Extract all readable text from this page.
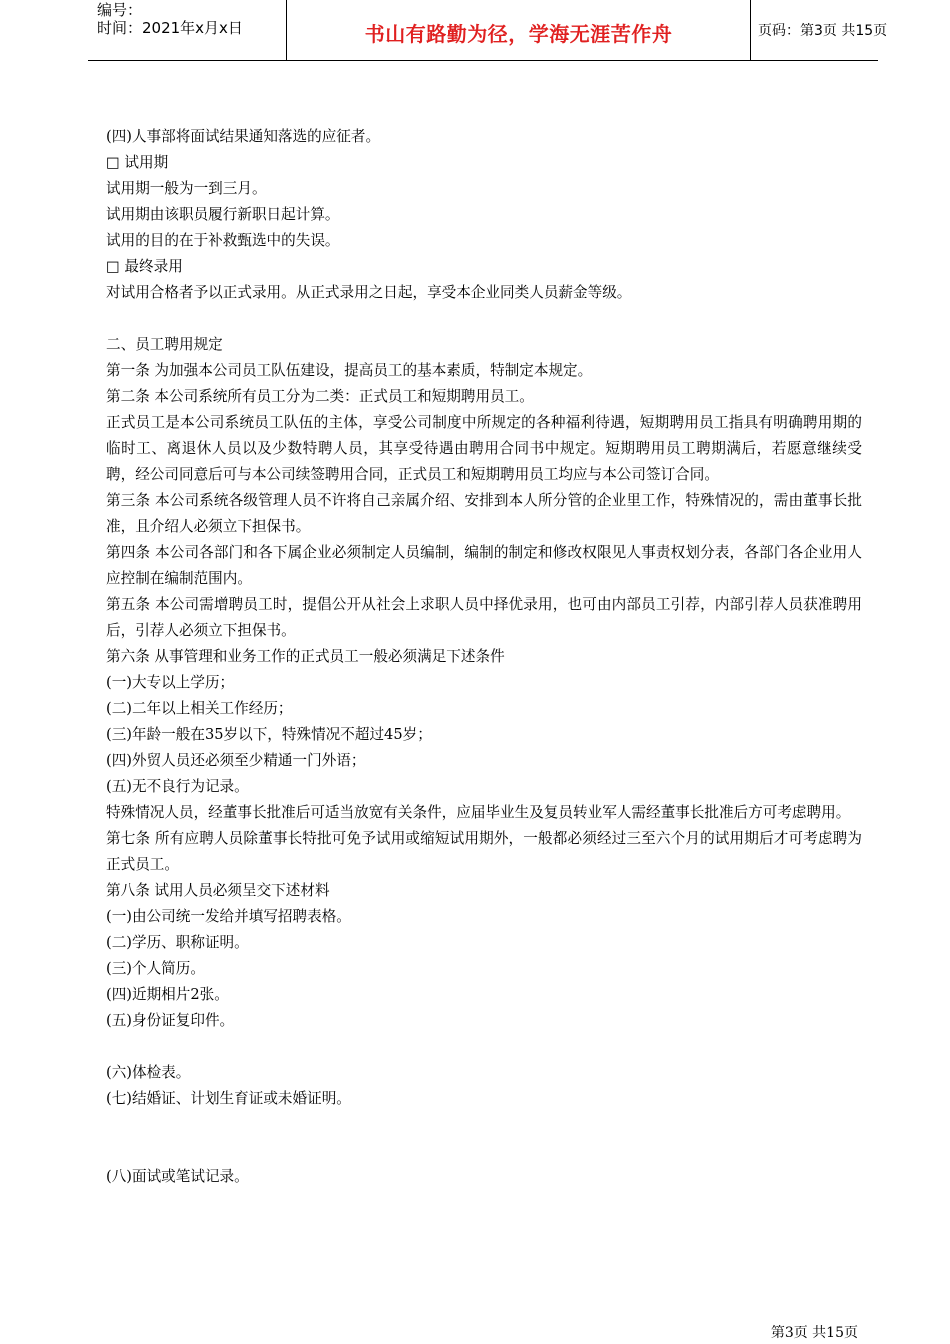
编号：
时间：2021年x月x日	书山有路勤为径，学海无涯苦作舟	页码：第3页 共15页
(四)人事部将面试结果通知落选的应征者。
□ 试用期
试用期一般为一到三月。
试用期由该职员履行新职日起计算。
试用的目的在于补救甄选中的失误。
□ 最终录用
对试用合格者予以正式录用。从正式录用之日起，享受本企业同类人员薪金等级。
二、员工聘用规定
第一条 为加强本公司员工队伍建设，提高员工的基本素质，特制定本规定。
第二条 本公司系统所有员工分为二类：正式员工和短期聘用员工。
正式员工是本公司系统员工队伍的主体，享受公司制度中所规定的各种福利待遇，短期聘用员工指具有明确聘用期的临时工、离退休人员以及少数特聘人员，其享受待遇由聘用合同书中规定。短期聘用员工聘期满后，若愿意继续受聘，经公司同意后可与本公司续签聘用合同，正式员工和短期聘用员工均应与本公司签订合同。
第三条 本公司系统各级管理人员不许将自己亲属介绍、安排到本人所分管的企业里工作，特殊情况的，需由董事长批准，且介绍人必须立下担保书。
第四条 本公司各部门和各下属企业必须制定人员编制，编制的制定和修改权限见人事责权划分表，各部门各企业用人应控制在编制范围内。
第五条 本公司需增聘员工时，提倡公开从社会上求职人员中择优录用，也可由内部员工引荐，内部引荐人员获准聘用后，引荐人必须立下担保书。
第六条 从事管理和业务工作的正式员工一般必须满足下述条件
(一)大专以上学历；
(二)二年以上相关工作经历；
(三)年龄一般在35岁以下，特殊情况不超过45岁；
(四)外贸人员还必须至少精通一门外语；
(五)无不良行为记录。
特殊情况人员，经董事长批准后可适当放宽有关条件，应届毕业生及复员转业军人需经董事长批准后方可考虑聘用。
第七条 所有应聘人员除董事长特批可免予试用或缩短试用期外，一般都必须经过三至六个月的试用期后才可考虑聘为正式员工。
第八条 试用人员必须呈交下述材料
(一)由公司统一发给并填写招聘表格。
(二)学历、职称证明。
(三)个人简历。
(四)近期相片2张。
(五)身份证复印件。
(六)体检表。
(七)结婚证、计划生育证或未婚证明。
(八)面试或笔试记录。
第3页 共15页
